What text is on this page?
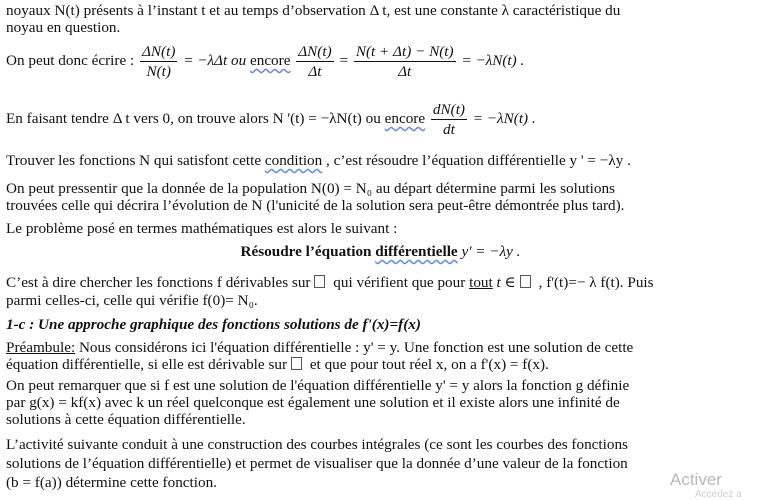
noyaux N(t) présents à l’instant t et au temps d’observation Δ t, est une constante λ caractéristique du
noyau en question.
On peut donc écrire : $\frac{\Delta N(t)}{N(t)} = -\lambda\Delta t$ ou encore $\frac{\Delta N(t)}{\Delta t} = \frac{N(t + \Delta t) - N(t)}{\Delta t} = -\lambda N(t)$ .
En faisant tendre Δ t vers 0, on trouve alors N '(t) = −λN(t) ou encore $\frac{dN(t)}{dt} = -\lambda N(t)$ .
Trouver les fonctions N qui satisfont cette condition , c’est résoudre l’équation différentielle y ' = −λy .
On peut pressentir que la donnée de la population N(0) = N₀ au départ détermine parmi les solutions
trouvées celle qui décrira l’évolution de N (l'unicité de la solution sera peut-être démontrée plus tard).
Le problème posé en termes mathématiques est alors le suivant :
Résoudre l’équation différentielle y' = −λy .
C’est à dire chercher les fonctions f dérivables sur qui vérifient que pour tout t ∈ , f'(t)=− λ f(t). Puis
parmi celles-ci, celle qui vérifie f(0)= N₀.
1-c : Une approche graphique des fonctions solutions de f'(x)=f(x)
Préambule: Nous considérons ici l'équation différentielle : y' = y. Une fonction est une solution de cette
équation différentielle, si elle est dérivable sur et que pour tout réel x, on a f'(x) = f(x).
On peut remarquer que si f est une solution de l'équation différentielle y' = y alors la fonction g définie
par g(x) = kf(x) avec k un réel quelconque est également une solution et il existe alors une infinité de
solutions à cette équation différentielle.
L’activité suivante conduit à une construction des courbes intégrales (ce sont les courbes des fonctions
solutions de l’équation différentielle) et permet de visualiser que la donnée d’une valeur de la fonction
(b = f(a)) détermine cette fonction.	Activer
Accédez a
